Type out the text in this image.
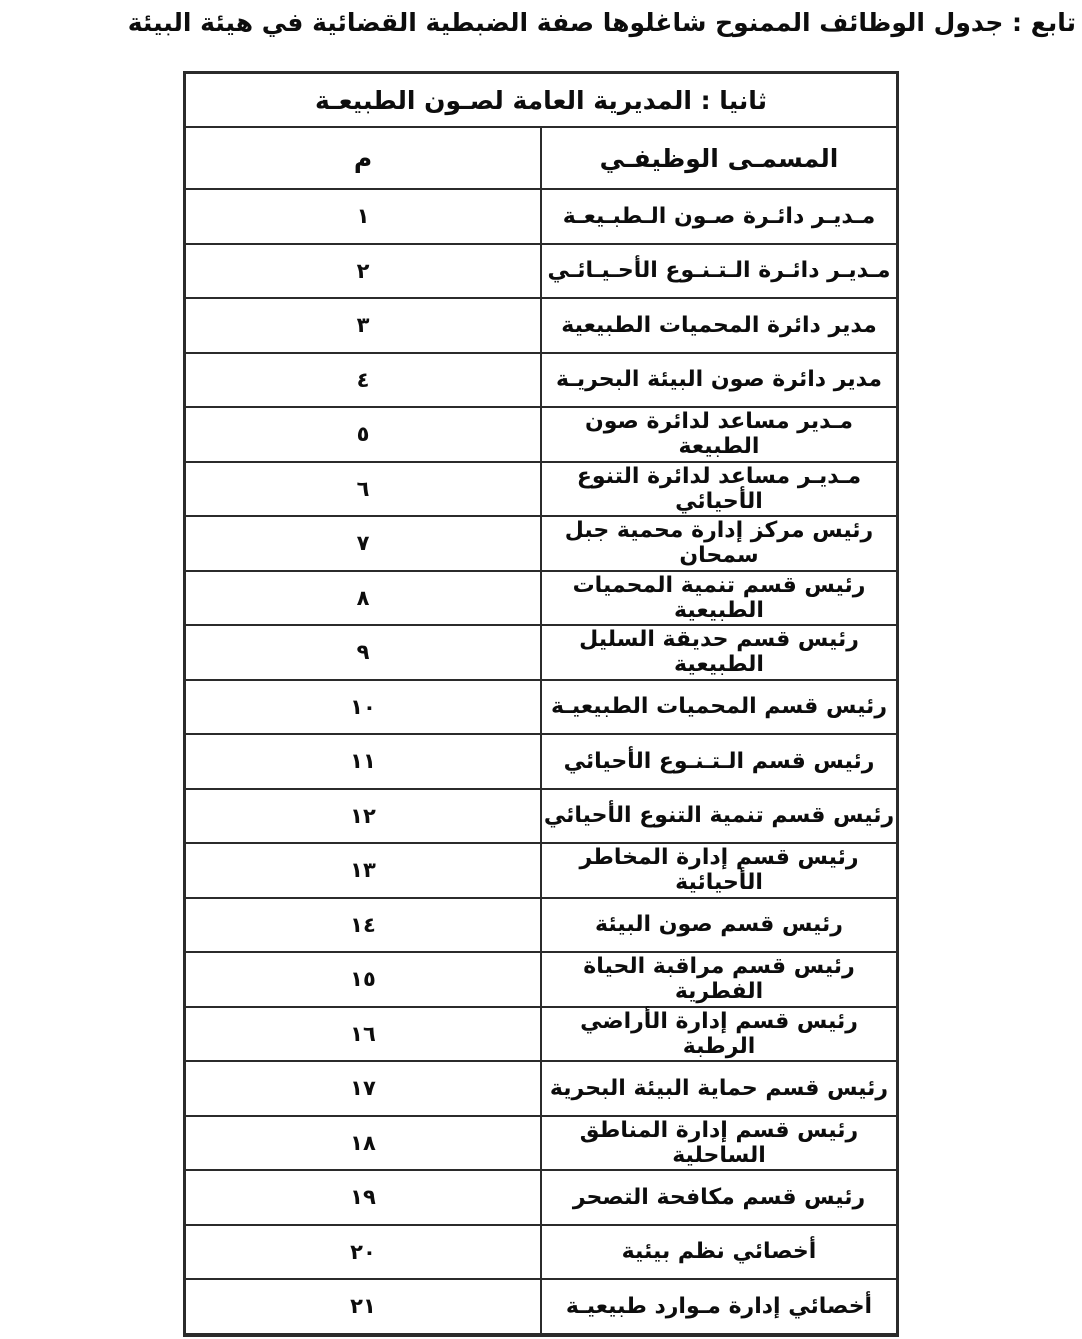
تابع : جدول الوظائف الممنوح شاغلوها صفة الضبطية القضائية في هيئة البيئة
ثانيا : المديرية العامة لصـون الطبيعـة	
المسمـى الوظيفـي	م
مـديـر دائـرة صـون الـطبـيعـة	١
مـديـر دائـرة الـتـنـوع الأحـيـائـي	٢
مدير دائرة المحميات الطبيعية	٣
مدير دائرة صون البيئة البحريـة	٤
مـدير مساعد لدائرة صون الطبيعة	٥
مـديـر مساعد لدائرة التنوع الأحيائي	٦
رئيس مركز إدارة محمية جبل سمحان	٧
رئيس قسم تنمية المحميات الطبيعية	٨
رئيس قسم حديقة السليل الطبيعية	٩
رئيس قسم المحميات الطبيعيـة	١٠
رئيس قسم الـتـنـوع الأحيائي	١١
رئيس قسم تنمية التنوع الأحيائي	١٢
رئيس قسم إدارة المخاطر الأحيائية	١٣
رئيس قسم صون البيئة	١٤
رئيس قسم مراقبة الحياة الفطرية	١٥
رئيس قسم إدارة الأراضي الرطبة	١٦
رئيس قسم حماية البيئة البحرية	١٧
رئيس قسم إدارة المناطق الساحلية	١٨
رئيس قسم مكافحة التصحر	١٩
أخصائي نظم بيئية	٢٠
أخصائي إدارة مـوارد طبيعيـة	٢١
